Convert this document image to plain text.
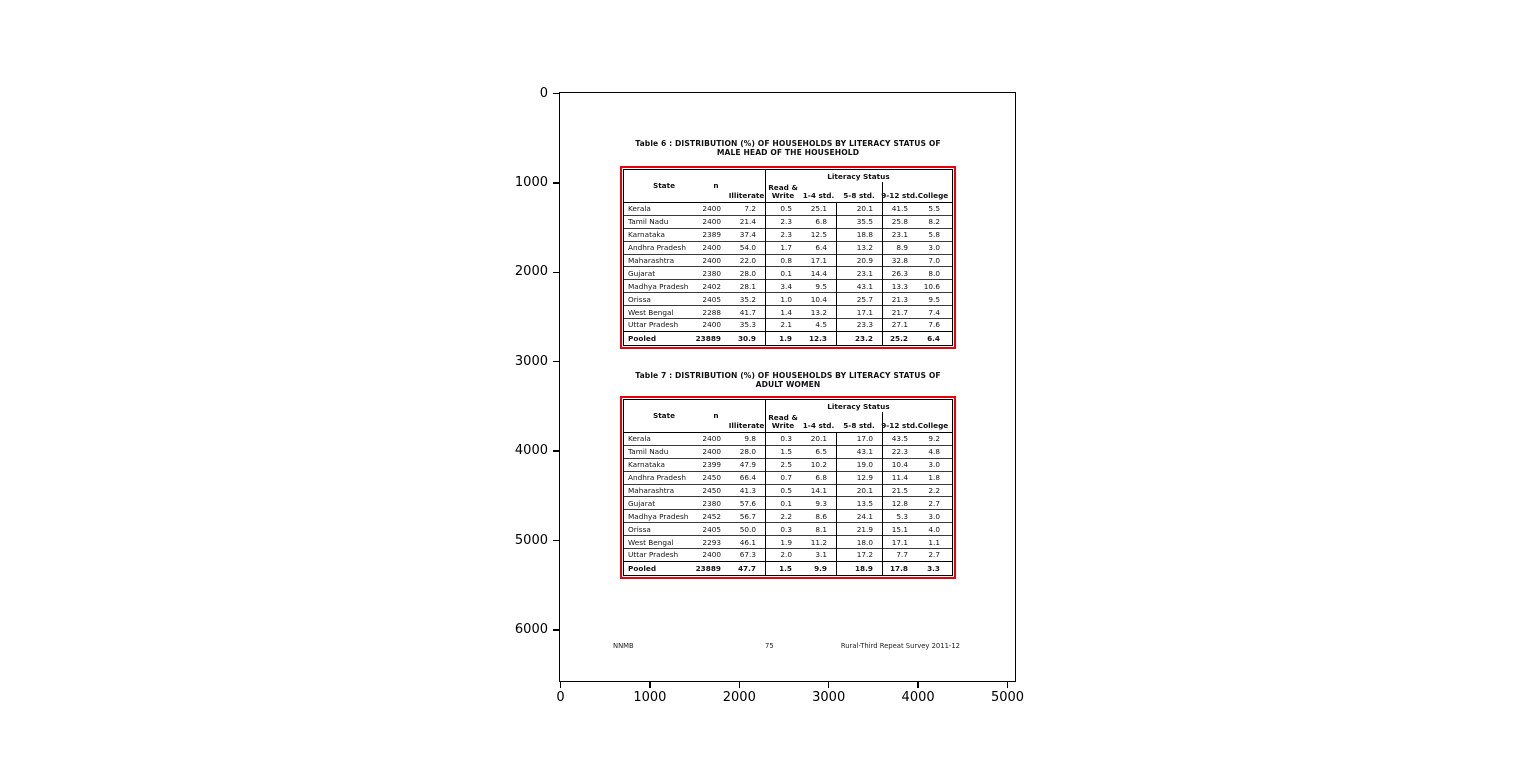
0
1000
2000
3000
4000
5000
6000
0	1000	2000	3000	4000	5000
Table 6 : DISTRIBUTION (%) OF HOUSEHOLDS BY LITERACY STATUS OF
MALE HEAD OF THE HOUSEHOLD
Literacy Status
State	n
Illiterate
Read & Write	1-4 std.	5-8 std. 9-12 std. College
Kerala	2400	7.2	0.5	25.1	20.1	41.5	5.5
Tamil Nadu	2400	21.4	2.3	6.8	35.5	25.8	8.2
Karnataka	2389	37.4	2.3	12.5	18.8	23.1	5.8
Andhra Pradesh	2400	54.0	1.7	6.4	13.2	8.9	3.0
Maharashtra	2400	22.0	0.8	17.1	20.9	32.8	7.0
Gujarat	2380	28.0	0.1	14.4	23.1	26.3	8.0
Madhya Pradesh	2402	28.1	3.4	9.5	43.1	13.3	10.6
Orissa	2405	35.2	1.0	10.4	25.7	21.3	9.5
West Bengal	2288	41.7	1.4	13.2	17.1	21.7	7.4
Uttar Pradesh	2400	35.3	2.1	4.5	23.3	27.1	7.6
Pooled	23889	30.9	1.9	12.3	23.2	25.2	6.4
Table 7 : DISTRIBUTION (%) OF HOUSEHOLDS BY LITERACY STATUS OF
ADULT WOMEN
Literacy Status
State	n
Illiterate
Read & Write	1-4 std.	5-8 std. 9-12 std. College
Kerala	2400	9.8	0.3	20.1	17.0	43.5	9.2
Tamil Nadu	2400	28.0	1.5	6.5	43.1	22.3	4.8
Karnataka	2399	47.9	2.5	10.2	19.0	10.4	3.0
Andhra Pradesh	2450	66.4	0.7	6.8	12.9	11.4	1.8
Maharashtra	2450	41.3	0.5	14.1	20.1	21.5	2.2
Gujarat	2380	57.6	0.1	9.3	13.5	12.8	2.7
Madhya Pradesh	2452	56.7	2.2	8.6	24.1	5.3	3.0
Orissa	2405	50.0	0.3	8.1	21.9	15.1	4.0
West Bengal	2293	46.1	1.9	11.2	18.0	17.1	1.1
Uttar Pradesh	2400	67.3	2.0	3.1	17.2	7.7	2.7
Pooled	23889	47.7	1.5	9.9	18.9	17.8	3.3
NNMB	75	Rural-Third Repeat Survey 2011-12
